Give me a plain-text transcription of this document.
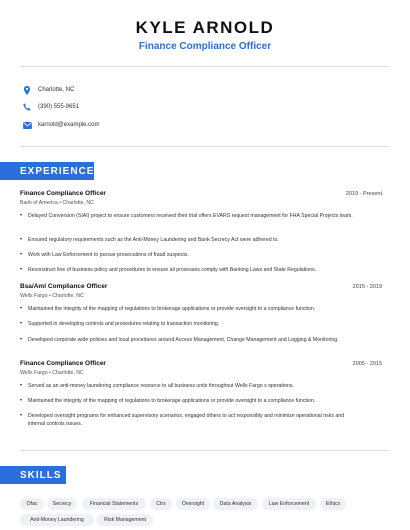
KYLE ARNOLD
Finance Compliance Officer
Charlotte, NC
(390) 555-9651
karnold@example.com
EXPERIENCE
Finance Compliance Officer	2019 - Present
Bank of America • Charlotte, NC
•	Delayed Conversion (SIAI) project to ensure customers received their trial offers EVARS request management for FHA Special Projects team.
•	Ensured regulatory requirements such as the Anti-Money Laundering and Bank Secrecy Act were adhered to.
•	Work with Law Enforcement to pursue prosecutions of fraud suspects.
•	Reconstruct line of business policy and procedures to ensure all processes comply with Banking Laws and State Regulations.
Bsa/Aml Compliance Officer	2015 - 2019
Wells Fargo • Charlotte, NC
•	Maintained the integrity of the mapping of regulations to brokerage applications or provide oversight to a compliance function.
•	Supported in developing controls and procedures relating to transaction monitoring.
•	Developed corporate wide policies and local procedures around Access Management, Change Management and Logging & Monitoring.
Finance Compliance Officer	2005 - 2015
Wells Fargo • Charlotte, NC
•	Served as an anti-money laundering compliance resource to all business units throughout Wells Fargo s operations.
•	Maintained the integrity of the mapping of regulations to brokerage applications or provide oversight to a compliance function.
•	Developed oversight programs for enhanced supervisory scenarios, engaged others to act responsibly and minimize operational risks and internal controls issues.
SKILLS
Ofac	Secrecy	Financial Statements	Ctrs	Oversight	Data Analysis	Law Enforcement	Ethics
Anti-Money Laundering	Risk Management
